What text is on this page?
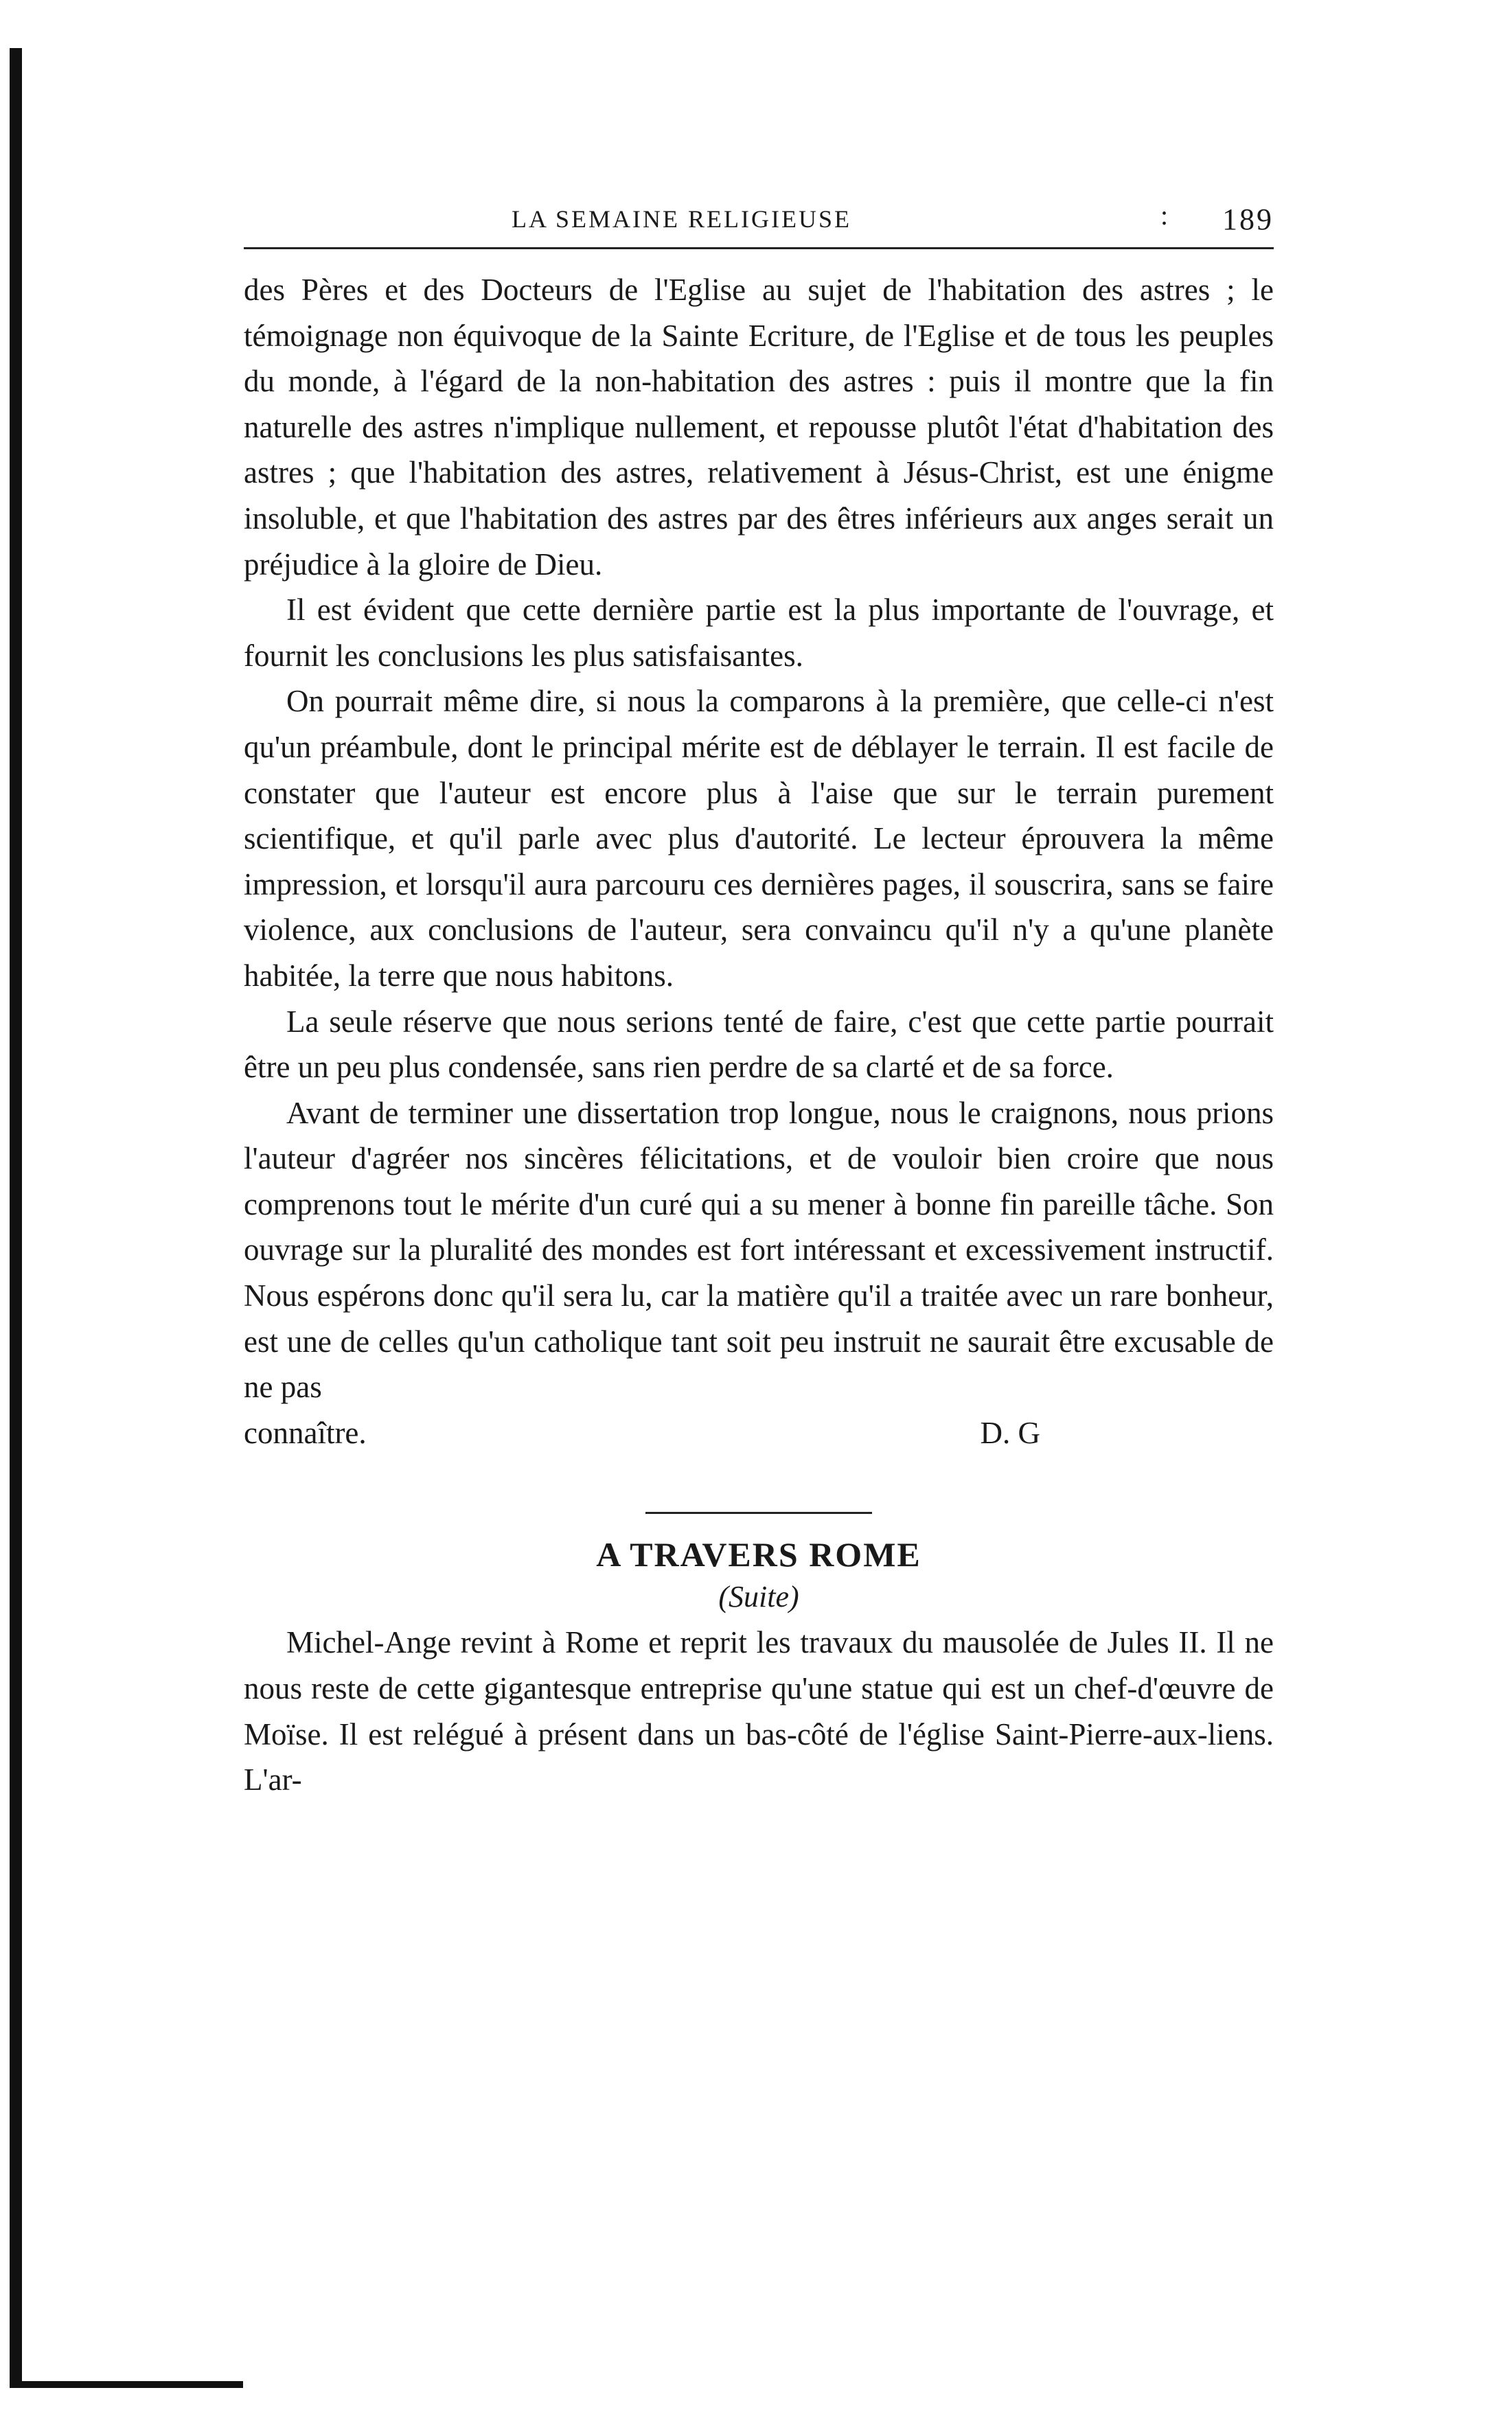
LA SEMAINE RELIGIEUSE	: 189

des Pères et des Docteurs de l'Eglise au sujet de l'habitation des astres ; le témoignage non équivoque de la Sainte Ecriture, de l'Eglise et de tous les peuples du monde, à l'égard de la non-habitation des astres : puis il montre que la fin naturelle des astres n'implique nullement, et repousse plutôt l'état d'habitation des astres ; que l'habitation des astres, relativement à Jésus-Christ, est une énigme insoluble, et que l'habitation des astres par des êtres inférieurs aux anges serait un préjudice à la gloire de Dieu.

Il est évident que cette dernière partie est la plus importante de l'ouvrage, et fournit les conclusions les plus satisfaisantes.

On pourrait même dire, si nous la comparons à la première, que celle-ci n'est qu'un préambule, dont le principal mérite est de déblayer le terrain. Il est facile de constater que l'auteur est encore plus à l'aise que sur le terrain purement scientifique, et qu'il parle avec plus d'autorité. Le lecteur éprouvera la même impression, et lorsqu'il aura parcouru ces dernières pages, il souscrira, sans se faire violence, aux conclusions de l'auteur, sera convaincu qu'il n'y a qu'une planète habitée, la terre que nous habitons.

La seule réserve que nous serions tenté de faire, c'est que cette partie pourrait être un peu plus condensée, sans rien perdre de sa clarté et de sa force.

Avant de terminer une dissertation trop longue, nous le craignons, nous prions l'auteur d'agréer nos sincères félicitations, et de vouloir bien croire que nous comprenons tout le mérite d'un curé qui a su mener à bonne fin pareille tâche. Son ouvrage sur la pluralité des mondes est fort intéressant et excessivement instructif. Nous espérons donc qu'il sera lu, car la matière qu'il a traitée avec un rare bonheur, est une de celles qu'un catholique tant soit peu instruit ne saurait être excusable de ne pas

connaître.	D. G
A TRAVERS ROME
(Suite)

Michel-Ange revint à Rome et reprit les travaux du mausolée de Jules II. Il ne nous reste de cette gigantesque entreprise qu'une statue qui est un chef-d'œuvre de Moïse. Il est relégué à présent dans un bas-côté de l'église Saint-Pierre-aux-liens. L'ar-
